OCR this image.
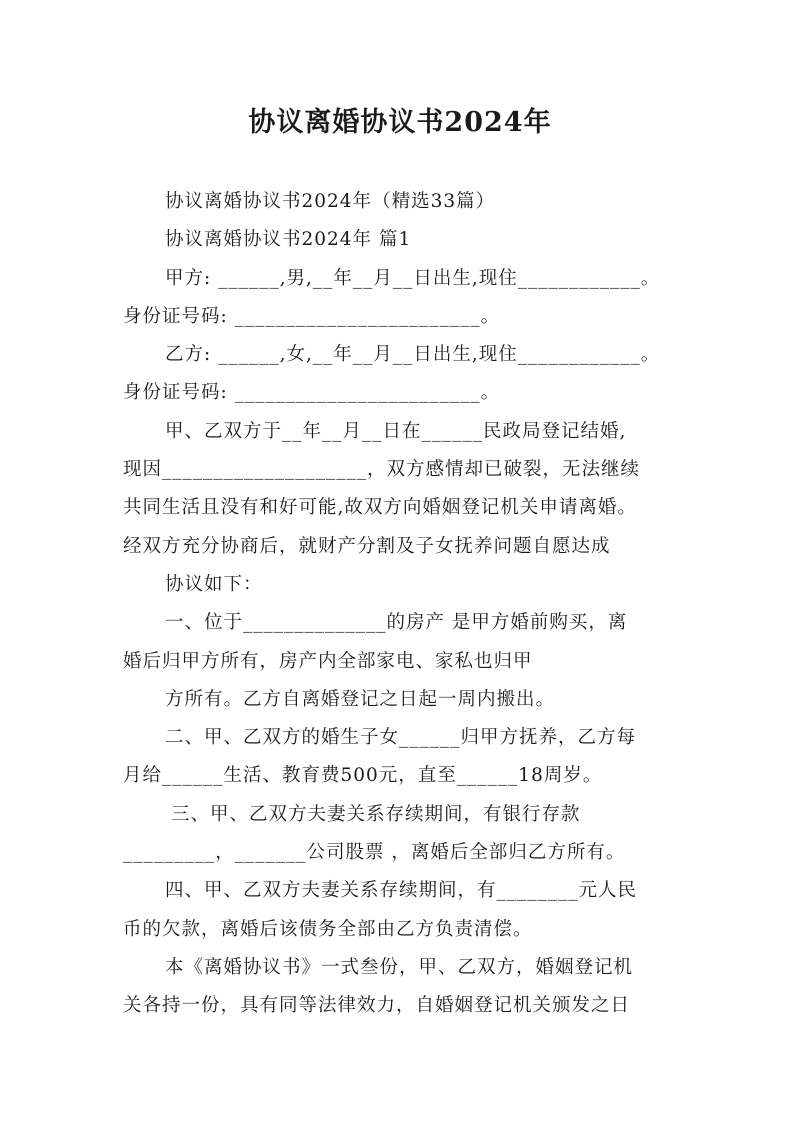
协议离婚协议书2024年

协议离婚协议书2024年（精选33篇）

协议离婚协议书2024年 篇1

甲方: ______,男,__年__月__日出生,现住____________。

身份证号码: ________________________。

乙方: ______,女,__年__月__日出生,现住____________。

身份证号码: ________________________。

甲、乙双方于__年__月__日在______民政局登记结婚,

现因____________________，双方感情却已破裂，无法继续

共同生活且没有和好可能,故双方向婚姻登记机关申请离婚。

经双方充分协商后，就财产分割及子女抚养问题自愿达成

协议如下：

一、位于______________的房产 是甲方婚前购买，离

婚后归甲方所有，房产内全部家电、家私也归甲

方所有。乙方自离婚登记之日起一周内搬出。

二、甲、乙双方的婚生子女______归甲方抚养，乙方每

月给______生活、教育费500元，直至______18周岁。

三、甲、乙双方夫妻关系存续期间，有银行存款

_________，_______公司股票 ，离婚后全部归乙方所有。

四、甲、乙双方夫妻关系存续期间，有________元人民

币的欠款，离婚后该债务全部由乙方负责清偿。

本《离婚协议书》一式叁份，甲、乙双方，婚姻登记机

关各持一份，具有同等法律效力，自婚姻登记机关颁发之日
